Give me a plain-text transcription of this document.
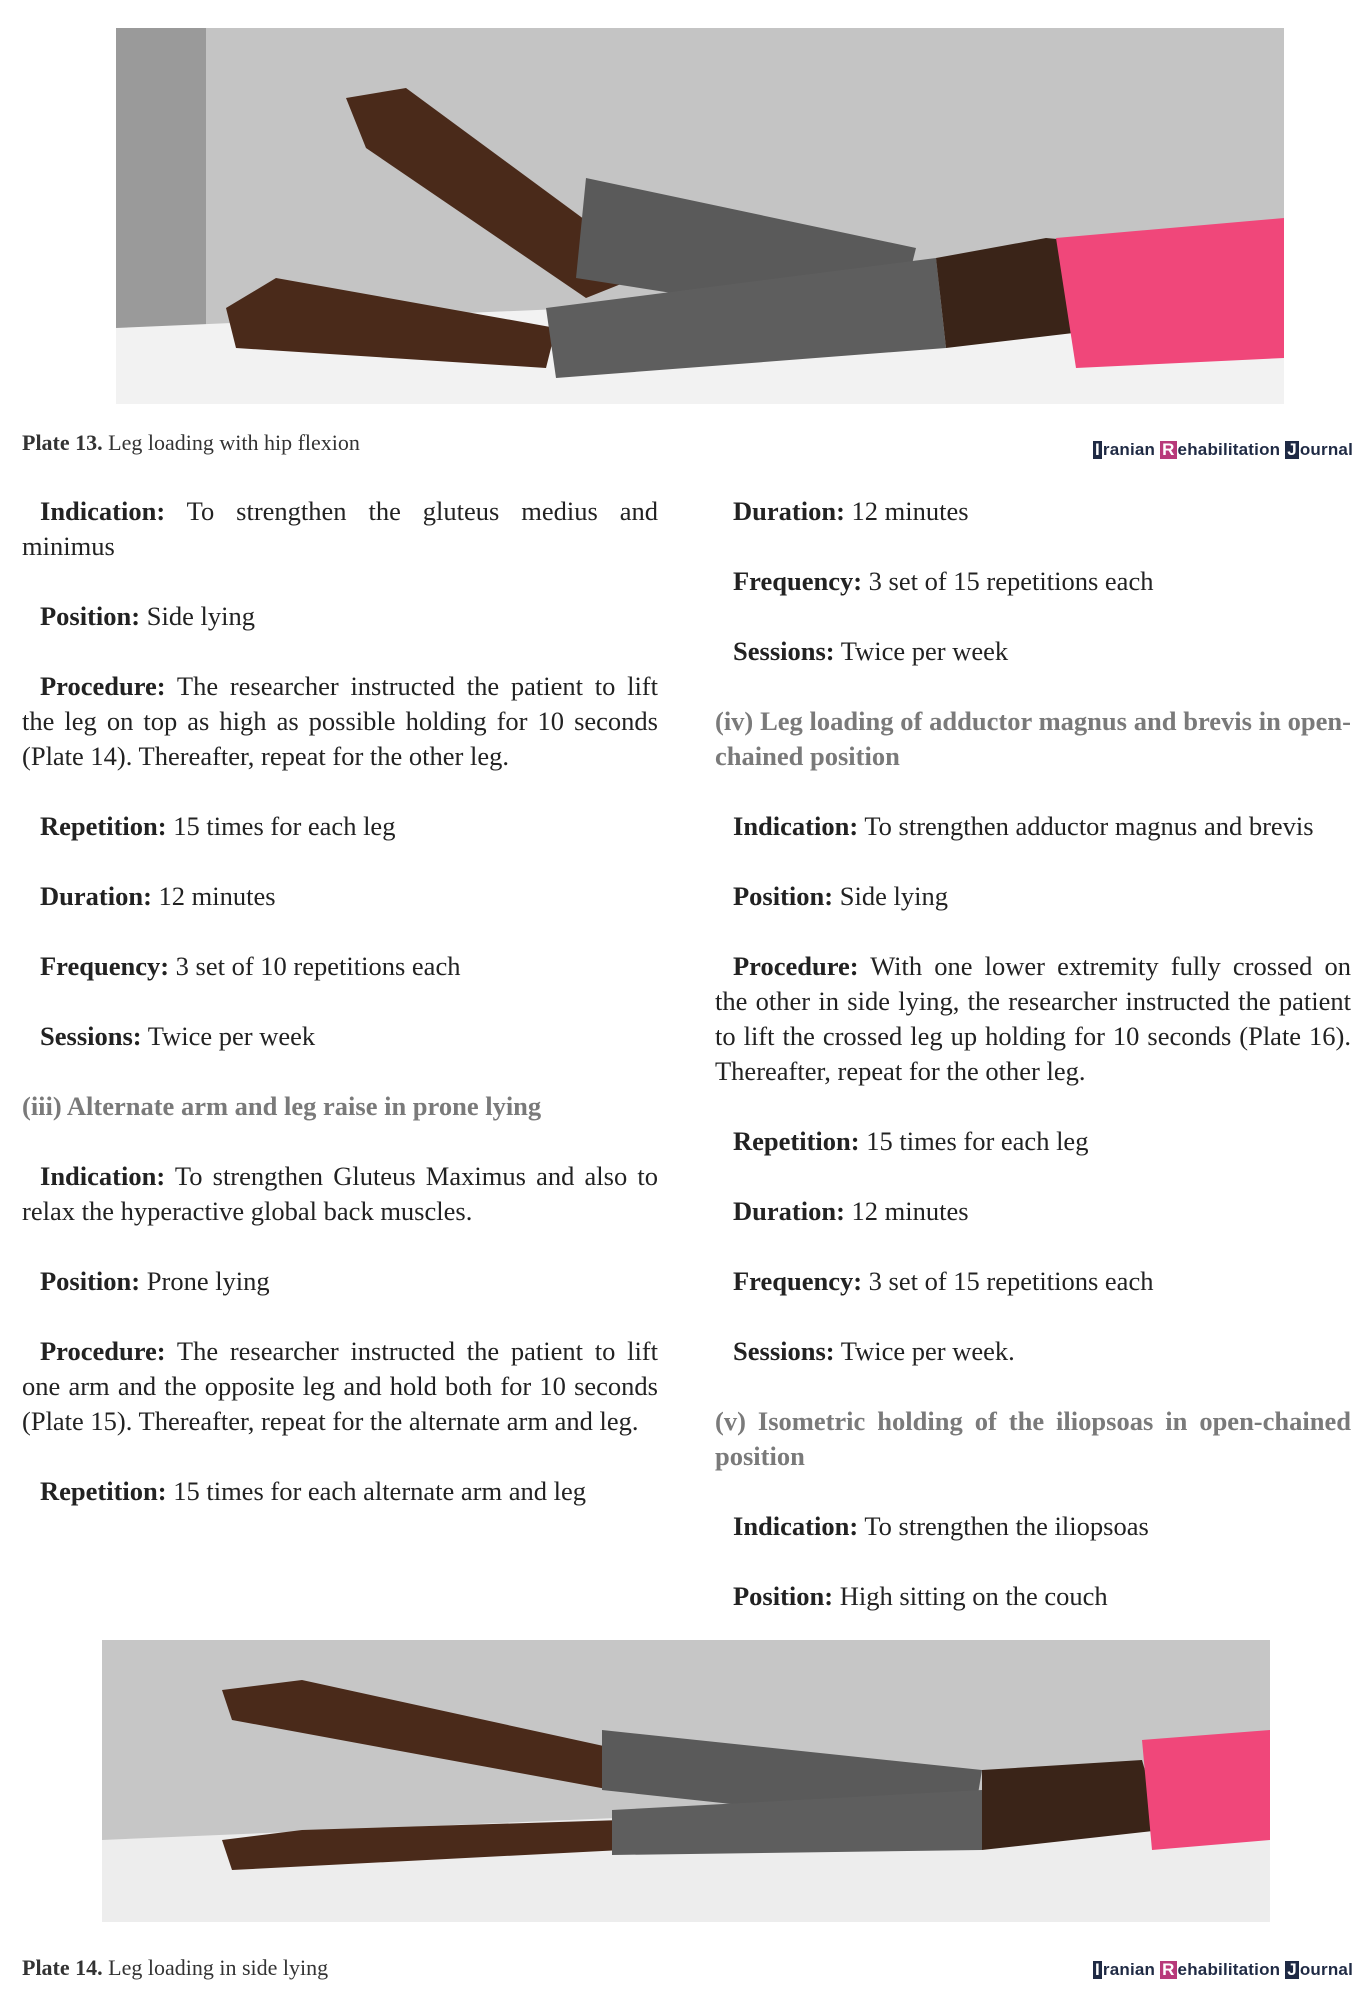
Plate 13. Leg loading with hip flexion	I ranian R ehabilitation J ournal

Indication: To strengthen the gluteus medius and minimus

Position: Side lying

Procedure: The researcher instructed the patient to lift the leg on top as high as possible holding for 10 seconds (Plate 14). Thereafter, repeat for the other leg.

Repetition: 15 times for each leg

Duration: 12 minutes

Frequency: 3 set of 10 repetitions each

Sessions: Twice per week

(iii) Alternate arm and leg raise in prone lying

Indication: To strengthen Gluteus Maximus and also to relax the hyperactive global back muscles.

Position: Prone lying

Procedure: The researcher instructed the patient to lift one arm and the opposite leg and hold both for 10 seconds (Plate 15). Thereafter, repeat for the alternate arm and leg.

Repetition: 15 times for each alternate arm and leg

Duration: 12 minutes

Frequency: 3 set of 15 repetitions each

Sessions: Twice per week

(iv) Leg loading of adductor magnus and brevis in open-chained position

Indication: To strengthen adductor magnus and brevis

Position: Side lying

Procedure: With one lower extremity fully crossed on the other in side lying, the researcher instructed the patient to lift the crossed leg up holding for 10 seconds (Plate 16). Thereafter, repeat for the other leg.

Repetition: 15 times for each leg

Duration: 12 minutes

Frequency: 3 set of 15 repetitions each

Sessions: Twice per week.

(v) Isometric holding of the iliopsoas in open-chained position

Indication: To strengthen the iliopsoas

Position: High sitting on the couch

Plate 14. Leg loading in side lying	I ranian R ehabilitation J ournal
